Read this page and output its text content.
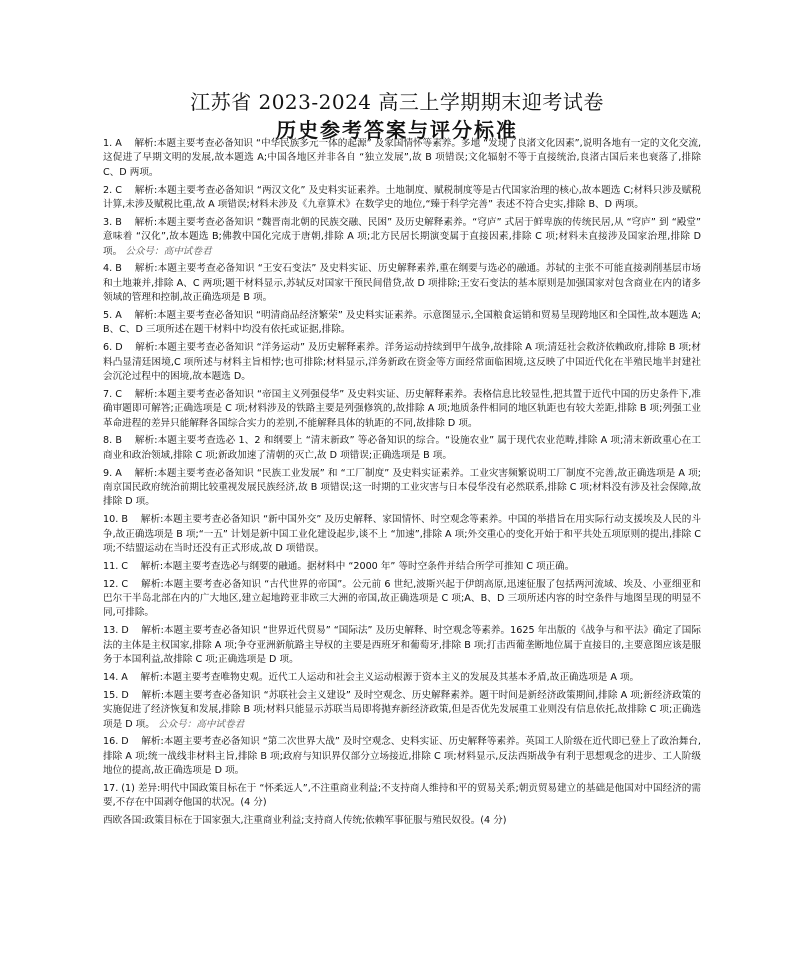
江苏省 2023-2024 高三上学期期末迎考试卷
历史参考答案与评分标准
1. A　 解析:本题主要考查必备知识 “中华民族多元一体的起源” 及家国情怀等素养。多地 “发现了良渚文化因素”,说明各地有一定的文化交流,这促进了早期文明的发展,故本题选 A;中国各地区并非各自 “独立发展”,故 B 项错误;文化辐射不等于直接统治,良渚古国后来也衰落了,排除 C、D 两项。
2. C　 解析:本题主要考查必备知识 “两汉文化” 及史料实证素养。土地制度、赋税制度等是古代国家治理的核心,故本题选 C;材料只涉及赋税计算,未涉及赋税比重,故 A 项错误;材料未涉及《九章算术》在数学史的地位,“臻于科学完善” 表述不符合史实,排除 B、D 两项。
3. B　 解析:本题主要考查必备知识 “魏晋南北朝的民族交融、民困” 及历史解释素养。“穹庐” 式居于鲜卑族的传统民居,从 “穹庐” 到 “殿堂” 意味着 “汉化”,故本题选 B;佛教中国化完成于唐朝,排除 A 项;北方民居长期演变属于直接因素,排除 C 项;材料未直接涉及国家治理,排除 D 项。 公众号：高中试卷君
4. B　 解析:本题主要考查必备知识 “王安石变法” 及史料实证、历史解释素养,重在纲要与选必的融通。苏轼的主张不可能直接剥削基层市场和土地兼并,排除 A、C 两项;题干材料显示,苏轼反对国家干预民间借贷,故 D 项排除;王安石变法的基本原则是加强国家对包含商业在内的诸多领域的管理和控制,故正确选项是 B 项。
5. A　 解析:本题主要考查必备知识 “明清商品经济繁荣” 及史料实证素养。示意图显示,全国粮食运销和贸易呈现跨地区和全国性,故本题选 A;B、C、D 三项所述在题干材料中均没有依托或证据,排除。
6. D　 解析:本题主要考查必备知识 “洋务运动” 及历史解释素养。洋务运动持续到甲午战争,故排除 A 项;清廷社会救济依赖政府,排除 B 项;材料凸显清廷困境,C 项所述与材料主旨相悖;也可排除;材料显示,洋务新政在资金等方面经常面临困境,这反映了中国近代化在半殖民地半封建社会沉沦过程中的困境,故本题选 D。
7. C　 解析:本题主要考查必备知识 “帝国主义列强侵华” 及史料实证、历史解释素养。表格信息比较显性,把其置于近代中国的历史条件下,准确审题即可解答;正确选项是 C 项;材料涉及的铁路主要是列强修筑的,故排除 A 项;地质条件相同的地区轨距也有较大差距,排除 B 项;列强工业革命进程的差异只能解释各国综合实力的差别,不能解释具体的轨距的不同,故排除 D 项。
8. B　 解析:本题主要考查选必 1、2 和纲要上 “清末新政” 等必备知识的综合。“设施农业” 属于现代农业范畴,排除 A 项;清末新政重心在工商业和政治领域,排除 C 项;新政加速了清朝的灭亡,故 D 项错误;正确选项是 B 项。
9. A　 解析:本题主要考查必备知识 “民族工业发展” 和 “工厂制度” 及史料实证素养。工业灾害频繁说明工厂制度不完善,故正确选项是 A 项;南京国民政府统治前期比较重视发展民族经济,故 B 项错误;这一时期的工业灾害与日本侵华没有必然联系,排除 C 项;材料没有涉及社会保障,故排除 D 项。
10. B　 解析:本题主要考查必备知识 “新中国外交” 及历史解释、家国情怀、时空观念等素养。中国的举措旨在用实际行动支援埃及人民的斗争,故正确选项是 B 项;“一五” 计划是新中国工业化建设起步,谈不上 “加速”,排除 A 项;外交重心的变化开始于和平共处五项原则的提出,排除 C 项;不结盟运动在当时还没有正式形成,故 D 项错误。
11. C　 解析:本题主要考查选必与纲要的融通。据材料中 “2000 年” 等时空条件并结合所学可推知 C 项正确。
12. C　 解析:本题主要考查必备知识 “古代世界的帝国”。公元前 6 世纪,波斯兴起于伊朗高原,迅速征服了包括两河流域、埃及、小亚细亚和巴尔干半岛北部在内的广大地区,建立起地跨亚非欧三大洲的帝国,故正确选项是 C 项;A、B、D 三项所述内容的时空条件与地图呈现的明显不同,可排除。
13. D　 解析:本题主要考查必备知识 “世界近代贸易” “国际法” 及历史解释、时空观念等素养。1625 年出版的《战争与和平法》确定了国际法的主体是主权国家,排除 A 项;争夺亚洲新航路主导权的主要是西班牙和葡萄牙,排除 B 项;打击西葡垄断地位属于直接目的,主要意图应该是服务于本国利益,故排除 C 项;正确选项是 D 项。
14. A　 解析:本题主要考查唯物史观。近代工人运动和社会主义运动根源于资本主义的发展及其基本矛盾,故正确选项是 A 项。
15. D　 解析:本题主要考查必备知识 “苏联社会主义建设” 及时空观念、历史解释素养。题干时间是新经济政策期间,排除 A 项;新经济政策的实施促进了经济恢复和发展,排除 B 项;材料只能显示苏联当局即将抛弃新经济政策,但是否优先发展重工业则没有信息依托,故排除 C 项;正确选项是 D 项。 公众号：高中试卷君
16. D　 解析:本题主要考查必备知识 “第二次世界大战” 及时空观念、史料实证、历史解释等素养。英国工人阶级在近代即已登上了政治舞台,排除 A 项;统一战线非材料主旨,排除 B 项;政府与知识界仅部分立场接近,排除 C 项;材料显示,反法西斯战争有利于思想观念的进步、工人阶级地位的提高,故正确选项是 D 项。
17. (1) 差异:明代中国政策目标在于 “怀柔远人”,不注重商业利益;不支持商人维持和平的贸易关系;朝贡贸易建立的基础是他国对中国经济的需要,不存在中国剥夺他国的状况。(4 分)
西欧各国:政策目标在于国家强大,注重商业利益;支持商人传统;依赖军事征服与殖民奴役。(4 分)
